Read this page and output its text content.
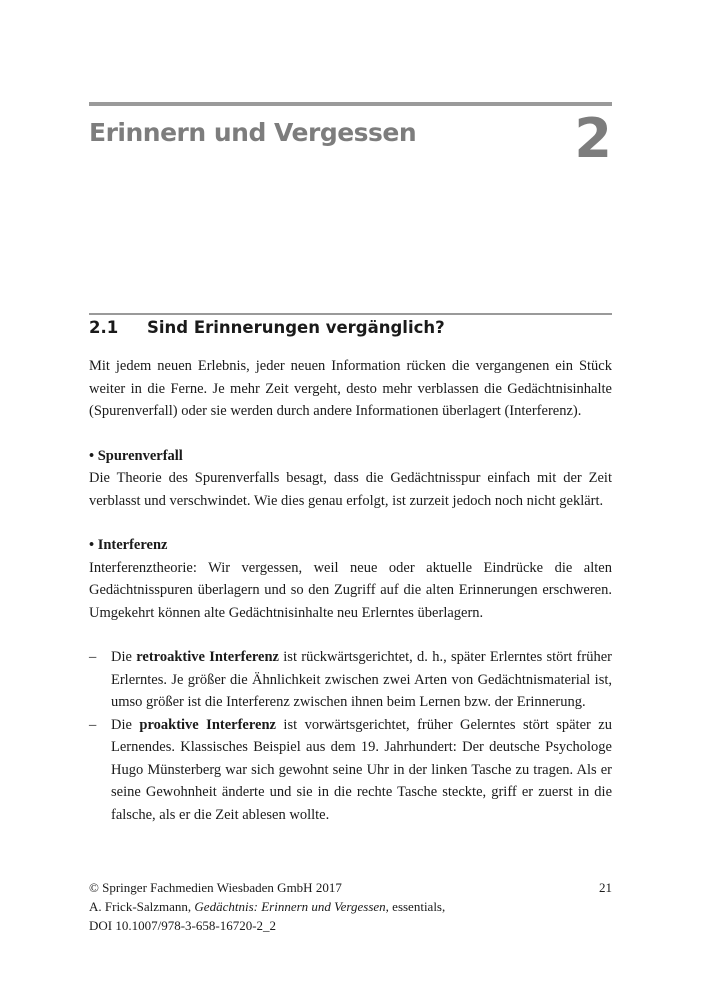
Erinnern und Vergessen	2
2.1 Sind Erinnerungen vergänglich?

Mit jedem neuen Erlebnis, jeder neuen Information rücken die vergangenen ein Stück weiter in die Ferne. Je mehr Zeit vergeht, desto mehr verblassen die Gedächtnisinhalte (Spurenverfall) oder sie werden durch andere Informationen überlagert (Interferenz).

• Spurenverfall

Die Theorie des Spurenverfalls besagt, dass die Gedächtnisspur einfach mit der Zeit verblasst und verschwindet. Wie dies genau erfolgt, ist zurzeit jedoch noch nicht geklärt.

• Interferenz

Interferenztheorie: Wir vergessen, weil neue oder aktuelle Eindrücke die alten Gedächtnisspuren überlagern und so den Zugriff auf die alten Erinnerungen erschweren. Umgekehrt können alte Gedächtnisinhalte neu Erlerntes überlagern.

– Die retroaktive Interferenz ist rückwärtsgerichtet, d. h., später Erlerntes stört früher Erlerntes. Je größer die Ähnlichkeit zwischen zwei Arten von Gedächtnismaterial ist, umso größer ist die Interferenz zwischen ihnen beim Lernen bzw. der Erinnerung.
– Die proaktive Interferenz ist vorwärtsgerichtet, früher Gelerntes stört später zu Lernendes. Klassisches Beispiel aus dem 19. Jahrhundert: Der deutsche Psychologe Hugo Münsterberg war sich gewohnt seine Uhr in der linken Tasche zu tragen. Als er seine Gewohnheit änderte und sie in die rechte Tasche steckte, griff er zuerst in die falsche, als er die Zeit ablesen wollte.
© Springer Fachmedien Wiesbaden GmbH 2017	21
A. Frick-Salzmann, Gedächtnis: Erinnern und Vergessen, essentials,
DOI 10.1007/978-3-658-16720-2_2
